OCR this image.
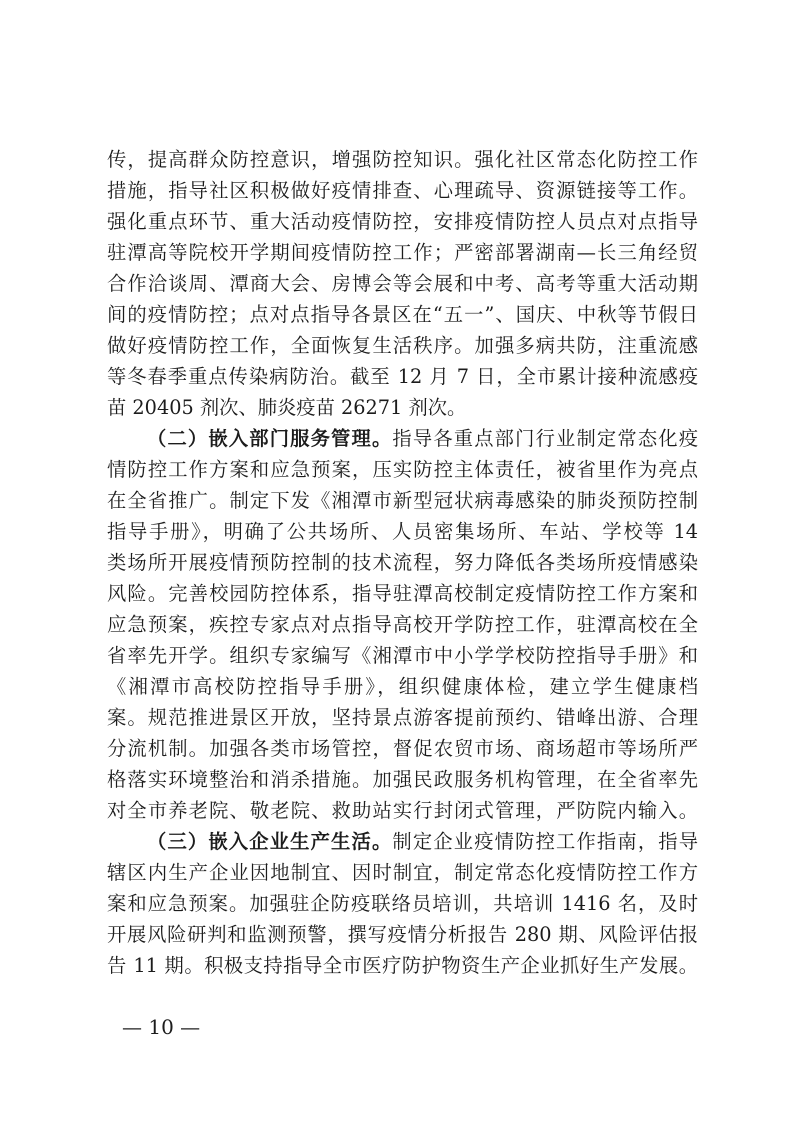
传，提高群众防控意识，增强防控知识。强化社区常态化防控工作
措施，指导社区积极做好疫情排查、心理疏导、资源链接等工作。
强化重点环节、重大活动疫情防控，安排疫情防控人员点对点指导
驻潭高等院校开学期间疫情防控工作；严密部署湖南—长三角经贸
合作洽谈周、潭商大会、房博会等会展和中考、高考等重大活动期
间的疫情防控；点对点指导各景区在“五一”、国庆、中秋等节假日
做好疫情防控工作，全面恢复生活秩序。加强多病共防，注重流感
等冬春季重点传染病防治。截至 12 月 7 日，全市累计接种流感疫
苗 20405 剂次、肺炎疫苗 26271 剂次。
（二）嵌入部门服务管理。指导各重点部门行业制定常态化疫
情防控工作方案和应急预案，压实防控主体责任，被省里作为亮点
在全省推广。制定下发《湘潭市新型冠状病毒感染的肺炎预防控制
指导手册》，明确了公共场所、人员密集场所、车站、学校等 14
类场所开展疫情预防控制的技术流程，努力降低各类场所疫情感染
风险。完善校园防控体系，指导驻潭高校制定疫情防控工作方案和
应急预案，疾控专家点对点指导高校开学防控工作，驻潭高校在全
省率先开学。组织专家编写《湘潭市中小学学校防控指导手册》和
《湘潭市高校防控指导手册》，组织健康体检，建立学生健康档
案。规范推进景区开放，坚持景点游客提前预约、错峰出游、合理
分流机制。加强各类市场管控，督促农贸市场、商场超市等场所严
格落实环境整治和消杀措施。加强民政服务机构管理，在全省率先
对全市养老院、敬老院、救助站实行封闭式管理，严防院内输入。
（三）嵌入企业生产生活。制定企业疫情防控工作指南，指导
辖区内生产企业因地制宜、因时制宜，制定常态化疫情防控工作方
案和应急预案。加强驻企防疫联络员培训，共培训 1416 名，及时
开展风险研判和监测预警，撰写疫情分析报告 280 期、风险评估报
告 11 期。积极支持指导全市医疗防护物资生产企业抓好生产发展。
— 10 —
